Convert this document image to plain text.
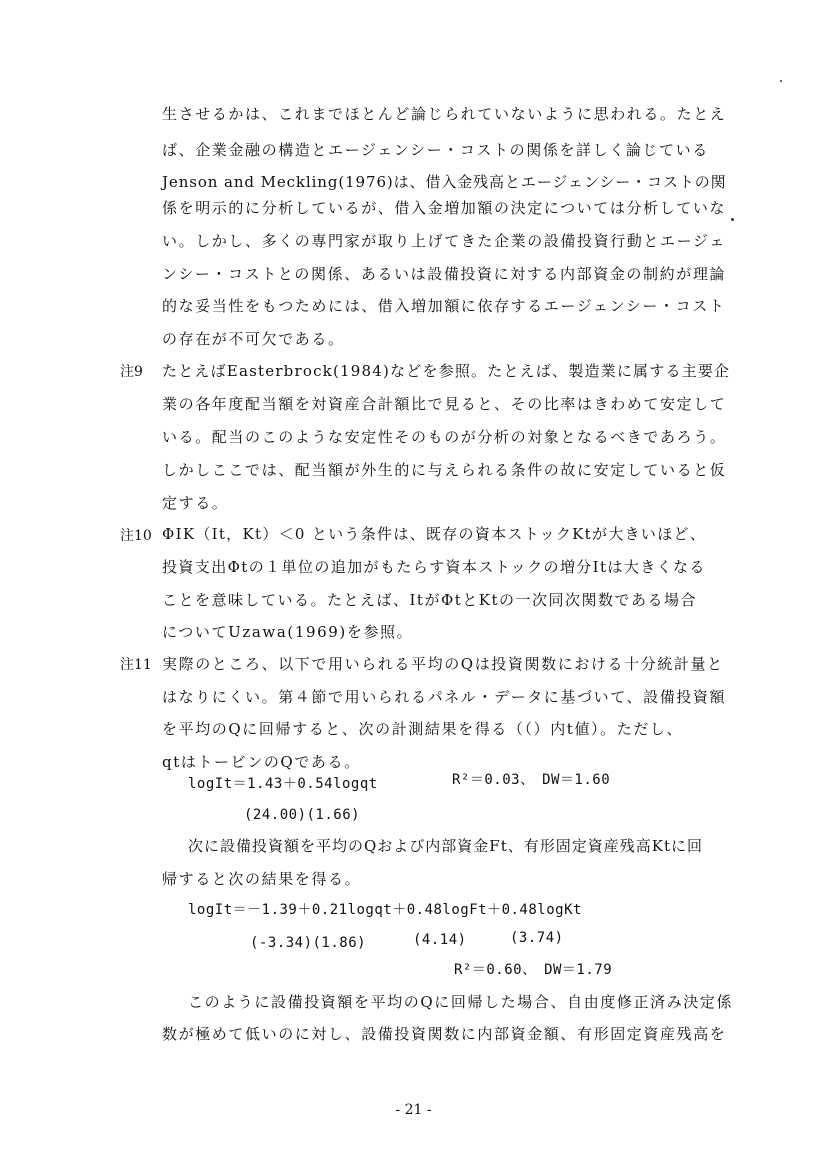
生させるかは、これまでほとんど論じられていないように思われる。たとえ
ば、企業金融の構造とエージェンシー・コストの関係を詳しく論じている
Jenson and Meckling(1976)は、借入金残高とエージェンシー・コストの関
係を明示的に分析しているが、借入金増加額の決定については分析していな
い。しかし、多くの専門家が取り上げてきた企業の設備投資行動とエージェ
ンシー・コストとの関係、あるいは設備投資に対する内部資金の制約が理論
的な妥当性をもつためには、借入増加額に依存するエージェンシー・コスト
の存在が不可欠である。
注9 たとえばEasterbrock(1984)などを参照。たとえば、製造業に属する主要企
業の各年度配当額を対資産合計額比で見ると、その比率はきわめて安定して
いる。配当のこのような安定性そのものが分析の対象となるべきであろう。
しかしここでは、配当額が外生的に与えられる条件の故に安定していると仮
定する。
注10 ΦIK（It，Kt）＜0 という条件は、既存の資本ストックKtが大きいほど、
投資支出Φtの１単位の追加がもたらす資本ストックの増分Itは大きくなる
ことを意味している。たとえば、ItがΦtとKtの一次同次関数である場合
についてUzawa(1969)を参照。
注11 実際のところ、以下で用いられる平均のQは投資関数における十分統計量と
はなりにくい。第４節で用いられるパネル・データに基づいて、設備投資額
を平均のQに回帰すると、次の計測結果を得る（（）内t値）。ただし、
qtはトービンのQである。
logIt＝1.43＋0.54logqt	R²＝0.03、　DW＝1.60
(24.00)(1.66)
次に設備投資額を平均のQおよび内部資金Ft、有形固定資産残高Ktに回
帰すると次の結果を得る。
logIt＝－1.39＋0.21logqt＋0.48logFt＋0.48logKt
(-3.34)(1.86)	(4.14)	(3.74)
R²＝0.60、　DW＝1.79
このように設備投資額を平均のQに回帰した場合、自由度修正済み決定係
数が極めて低いのに対し、設備投資関数に内部資金額、有形固定資産残高を
- 21 -
